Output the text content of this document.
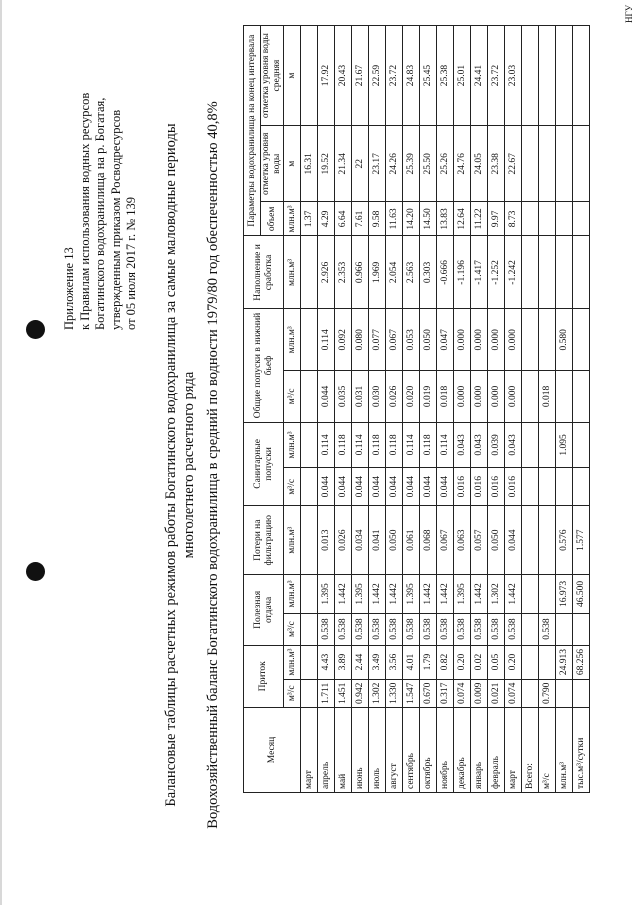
Приложение 13 к Правилам использования водных ресурсов Богатинского водохранилища на р. Богатая, утвержденным приказом Росводресурсов от 05 июля 2017 г. № 139 Балансовые таблицы расчетных режимов работы Богатинского водохранилища за самые маловодные периоды многолетнего расчетного ряда Водохозяйственный баланс Богатинского водохранилища в средний по водности 1979/80 год обеспеченностью 40,8%	Месяц	Приток		Полезная отдача		Потери на фильтрацию	Санитарные попуски		Общие попуски в нижний бьеф		Наполнение и сработка	Параметры водохранилища на конец интервала		
											объем	отметка уровня воды	отметка уровня воды средняя
	м³/с	млн.м³	м³/с	млн.м³	млн.м³	м³/с	млн.м³	м³/с	млн.м³	млн.м³	млн.м³	м	м
март											1.37	16.31	
апрель	1.711	4.43	0.538	1.395	0.013	0.044	0.114	0.044	0.114	2.926	4.29	19.52	17.92
май	1.451	3.89	0.538	1.442	0.026	0.044	0.118	0.035	0.092	2.353	6.64	21.34	20.43
июнь	0.942	2.44	0.538	1.395	0.034	0.044	0.114	0.031	0.080	0.966	7.61	22	21.67
июль	1.302	3.49	0.538	1.442	0.041	0.044	0.118	0.030	0.077	1.969	9.58	23.17	22.59
август	1.330	3.56	0.538	1.442	0.050	0.044	0.118	0.026	0.067	2.054	11.63	24.26	23.72
сентябрь	1.547	4.01	0.538	1.395	0.061	0.044	0.114	0.020	0.053	2.563	14.20	25.39	24.83
октябрь	0.670	1.79	0.538	1.442	0.068	0.044	0.118	0.019	0.050	0.303	14.50	25.50	25.45
ноябрь	0.317	0.82	0.538	1.442	0.067	0.044	0.114	0.018	0.047	-0.666	13.83	25.26	25.38
декабрь	0.074	0.20	0.538	1.395	0.063	0.016	0.043	0.000	0.000	-1.196	12.64	24.76	25.01
январь	0.009	0.02	0.538	1.442	0.057	0.016	0.043	0.000	0.000	-1.417	11.22	24.05	24.41
февраль	0.021	0.05	0.538	1.302	0.050	0.016	0.039	0.000	0.000	-1.252	9.97	23.38	23.72
март	0.074	0.20	0.538	1.442	0.044	0.016	0.043	0.000	0.000	-1.242	8.73	22.67	23.03
Всего:													
м³/с	0.790		0.538					0.018					
млн.м³		24.913		16.973	0.576		1.095		0.580				
тыс.м³/сутки		68.256		46.500	1.577								
НГУ
